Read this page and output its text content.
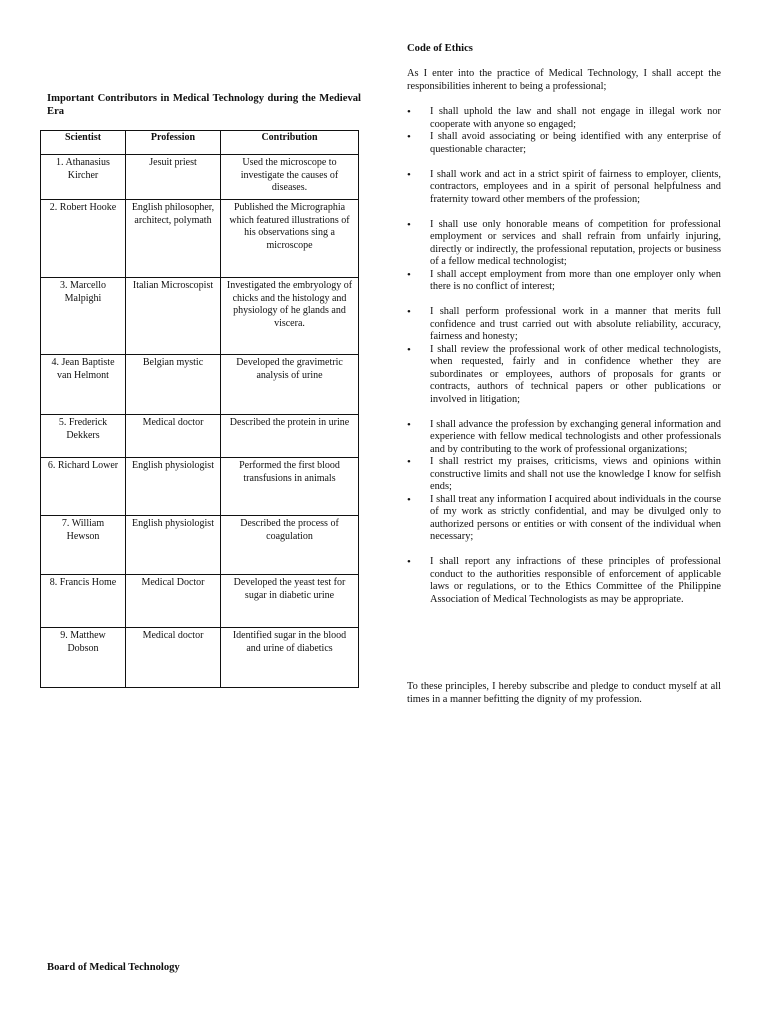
Important Contributors in Medical Technology during the Medieval Era
Scientist	Profession	Contribution
1. Athanasius Kircher	Jesuit priest	Used the microscope to investigate the causes of diseases.
2. Robert Hooke	English philosopher, architect, polymath	Published the Micrographia which featured illustrations of his observations sing a microscope
3. Marcello Malpighi	Italian Microscopist	Investigated the embryology of chicks and the histology and physiology of he glands and viscera.
4. Jean Baptiste van Helmont	Belgian mystic	Developed the gravimetric analysis of urine
5. Frederick Dekkers	Medical doctor	Described the protein in urine
6. Richard Lower	English physiologist	Performed the first blood transfusions in animals
7. William Hewson	English physiologist	Described the process of coagulation
8. Francis Home	Medical Doctor	Developed the yeast test for sugar in diabetic urine
9. Matthew Dobson	Medical doctor	Identified sugar in the blood and urine of diabetics
Code of Ethics
As I enter into the practice of Medical Technology, I shall accept the responsibilities inherent to being a professional;
• I shall uphold the law and shall not engage in illegal work nor cooperate with anyone so engaged;
• I shall avoid associating or being identified with any enterprise of questionable character;
• I shall work and act in a strict spirit of fairness to employer, clients, contractors, employees and in a spirit of personal helpfulness and fraternity toward other members of the profession;
• I shall use only honorable means of competition for professional employment or services and shall refrain from unfairly injuring, directly or indirectly, the professional reputation, projects or business of a fellow medical technologist;
• I shall accept employment from more than one employer only when there is no conflict of interest;
• I shall perform professional work in a manner that merits full confidence and trust carried out with absolute reliability, accuracy, fairness and honesty;
• I shall review the professional work of other medical technologists, when requested, fairly and in confidence whether they are subordinates or employees, authors of proposals for grants or contracts, authors of technical papers or other publications or involved in litigation;
• I shall advance the profession by exchanging general information and experience with fellow medical technologists and other professionals and by contributing to the work of professional organizations;
• I shall restrict my praises, criticisms, views and opinions within constructive limits and shall not use the knowledge I know for selfish ends;
• I shall treat any information I acquired about individuals in the course of my work as strictly confidential, and may be divulged only to authorized persons or entities or with consent of the individual when necessary;
• I shall report any infractions of these principles of professional conduct to the authorities responsible of enforcement of applicable laws or regulations, or to the Ethics Committee of the Philippine Association of Medical Technologists as may be appropriate.
To these principles, I hereby subscribe and pledge to conduct myself at all times in a manner befitting the dignity of my profession.
Board of Medical Technology
